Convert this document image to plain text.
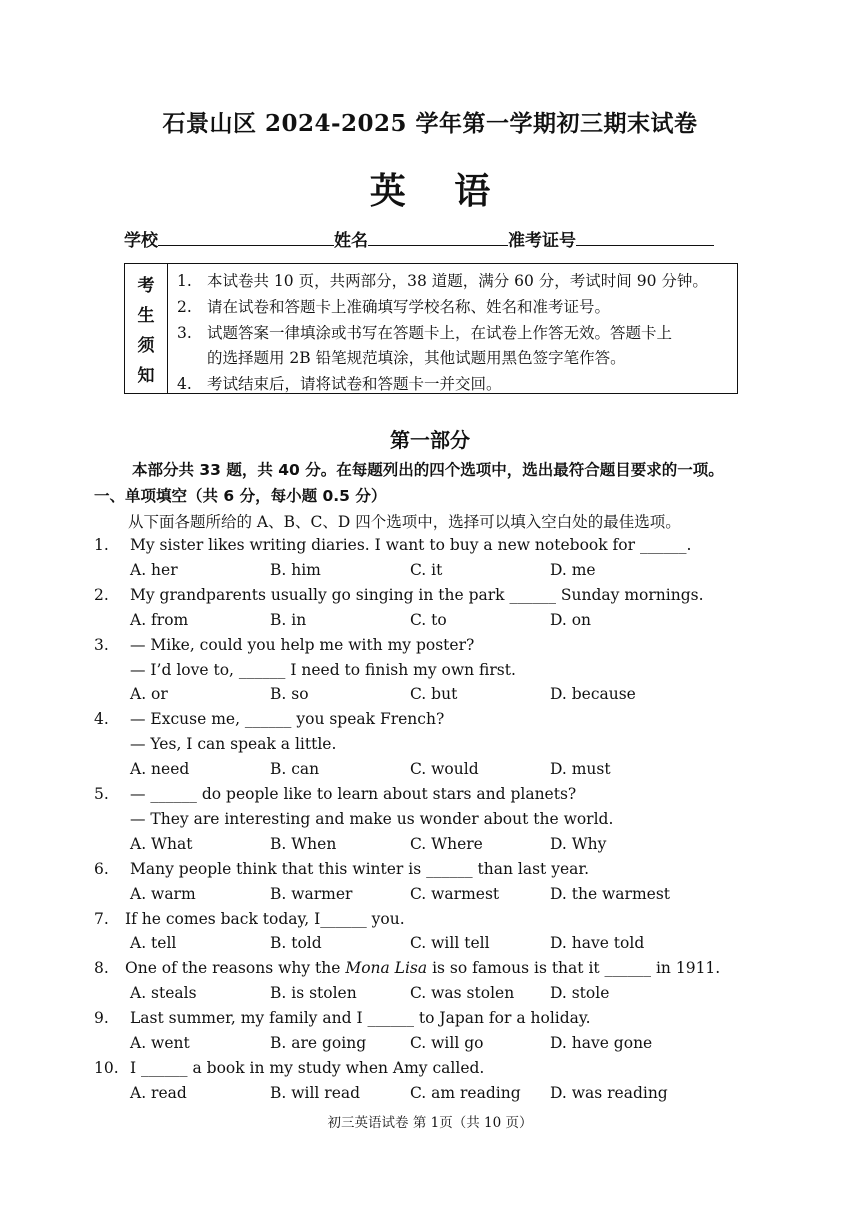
石景山区 2024-2025 学年第一学期初三期末试卷
英 语
学校	姓名	准考证号
考
生
须
知
1. 本试卷共 10 页，共两部分，38 道题，满分 60 分，考试时间 90 分钟。
2. 请在试卷和答题卡上准确填写学校名称、姓名和准考证号。
3. 试题答案一律填涂或书写在答题卡上，在试卷上作答无效。答题卡上
的选择题用 2B 铅笔规范填涂，其他试题用黑色签字笔作答。
4. 考试结束后，请将试卷和答题卡一并交回。
第一部分
本部分共 33 题，共 40 分。在每题列出的四个选项中，选出最符合题目要求的一项。
一、单项填空（共 6 分，每小题 0.5 分）
从下面各题所给的 A、B、C、D 四个选项中，选择可以填入空白处的最佳选项。
1. My sister likes writing diaries. I want to buy a new notebook for ______.
A. her	B. him	C. it	D. me
2. My grandparents usually go singing in the park ______ Sunday mornings.
A. from	B. in	C. to	D. on
3. — Mike, could you help me with my poster?
— I’d love to, ______ I need to finish my own first.
A. or	B. so	C. but	D. because
4. — Excuse me, ______ you speak French?
— Yes, I can speak a little.
A. need	B. can	C. would	D. must
5. — ______ do people like to learn about stars and planets?
— They are interesting and make us wonder about the world.
A. What	B. When	C. Where	D. Why
6. Many people think that this winter is ______ than last year.
A. warm	B. warmer	C. warmest	D. the warmest
7. If he comes back today, I______ you.
A. tell	B. told	C. will tell	D. have told
8. One of the reasons why the Mona Lisa is so famous is that it ______ in 1911.
A. steals	B. is stolen	C. was stolen D. stole
9. Last summer, my family and I ______ to Japan for a holiday.
A. went	B. are going	C. will go	D. have gone
10. I ______ a book in my study when Amy called.
A. read	B. will read	C. am reading D. was reading
初三英语试卷 第 1页（共 10 页）
